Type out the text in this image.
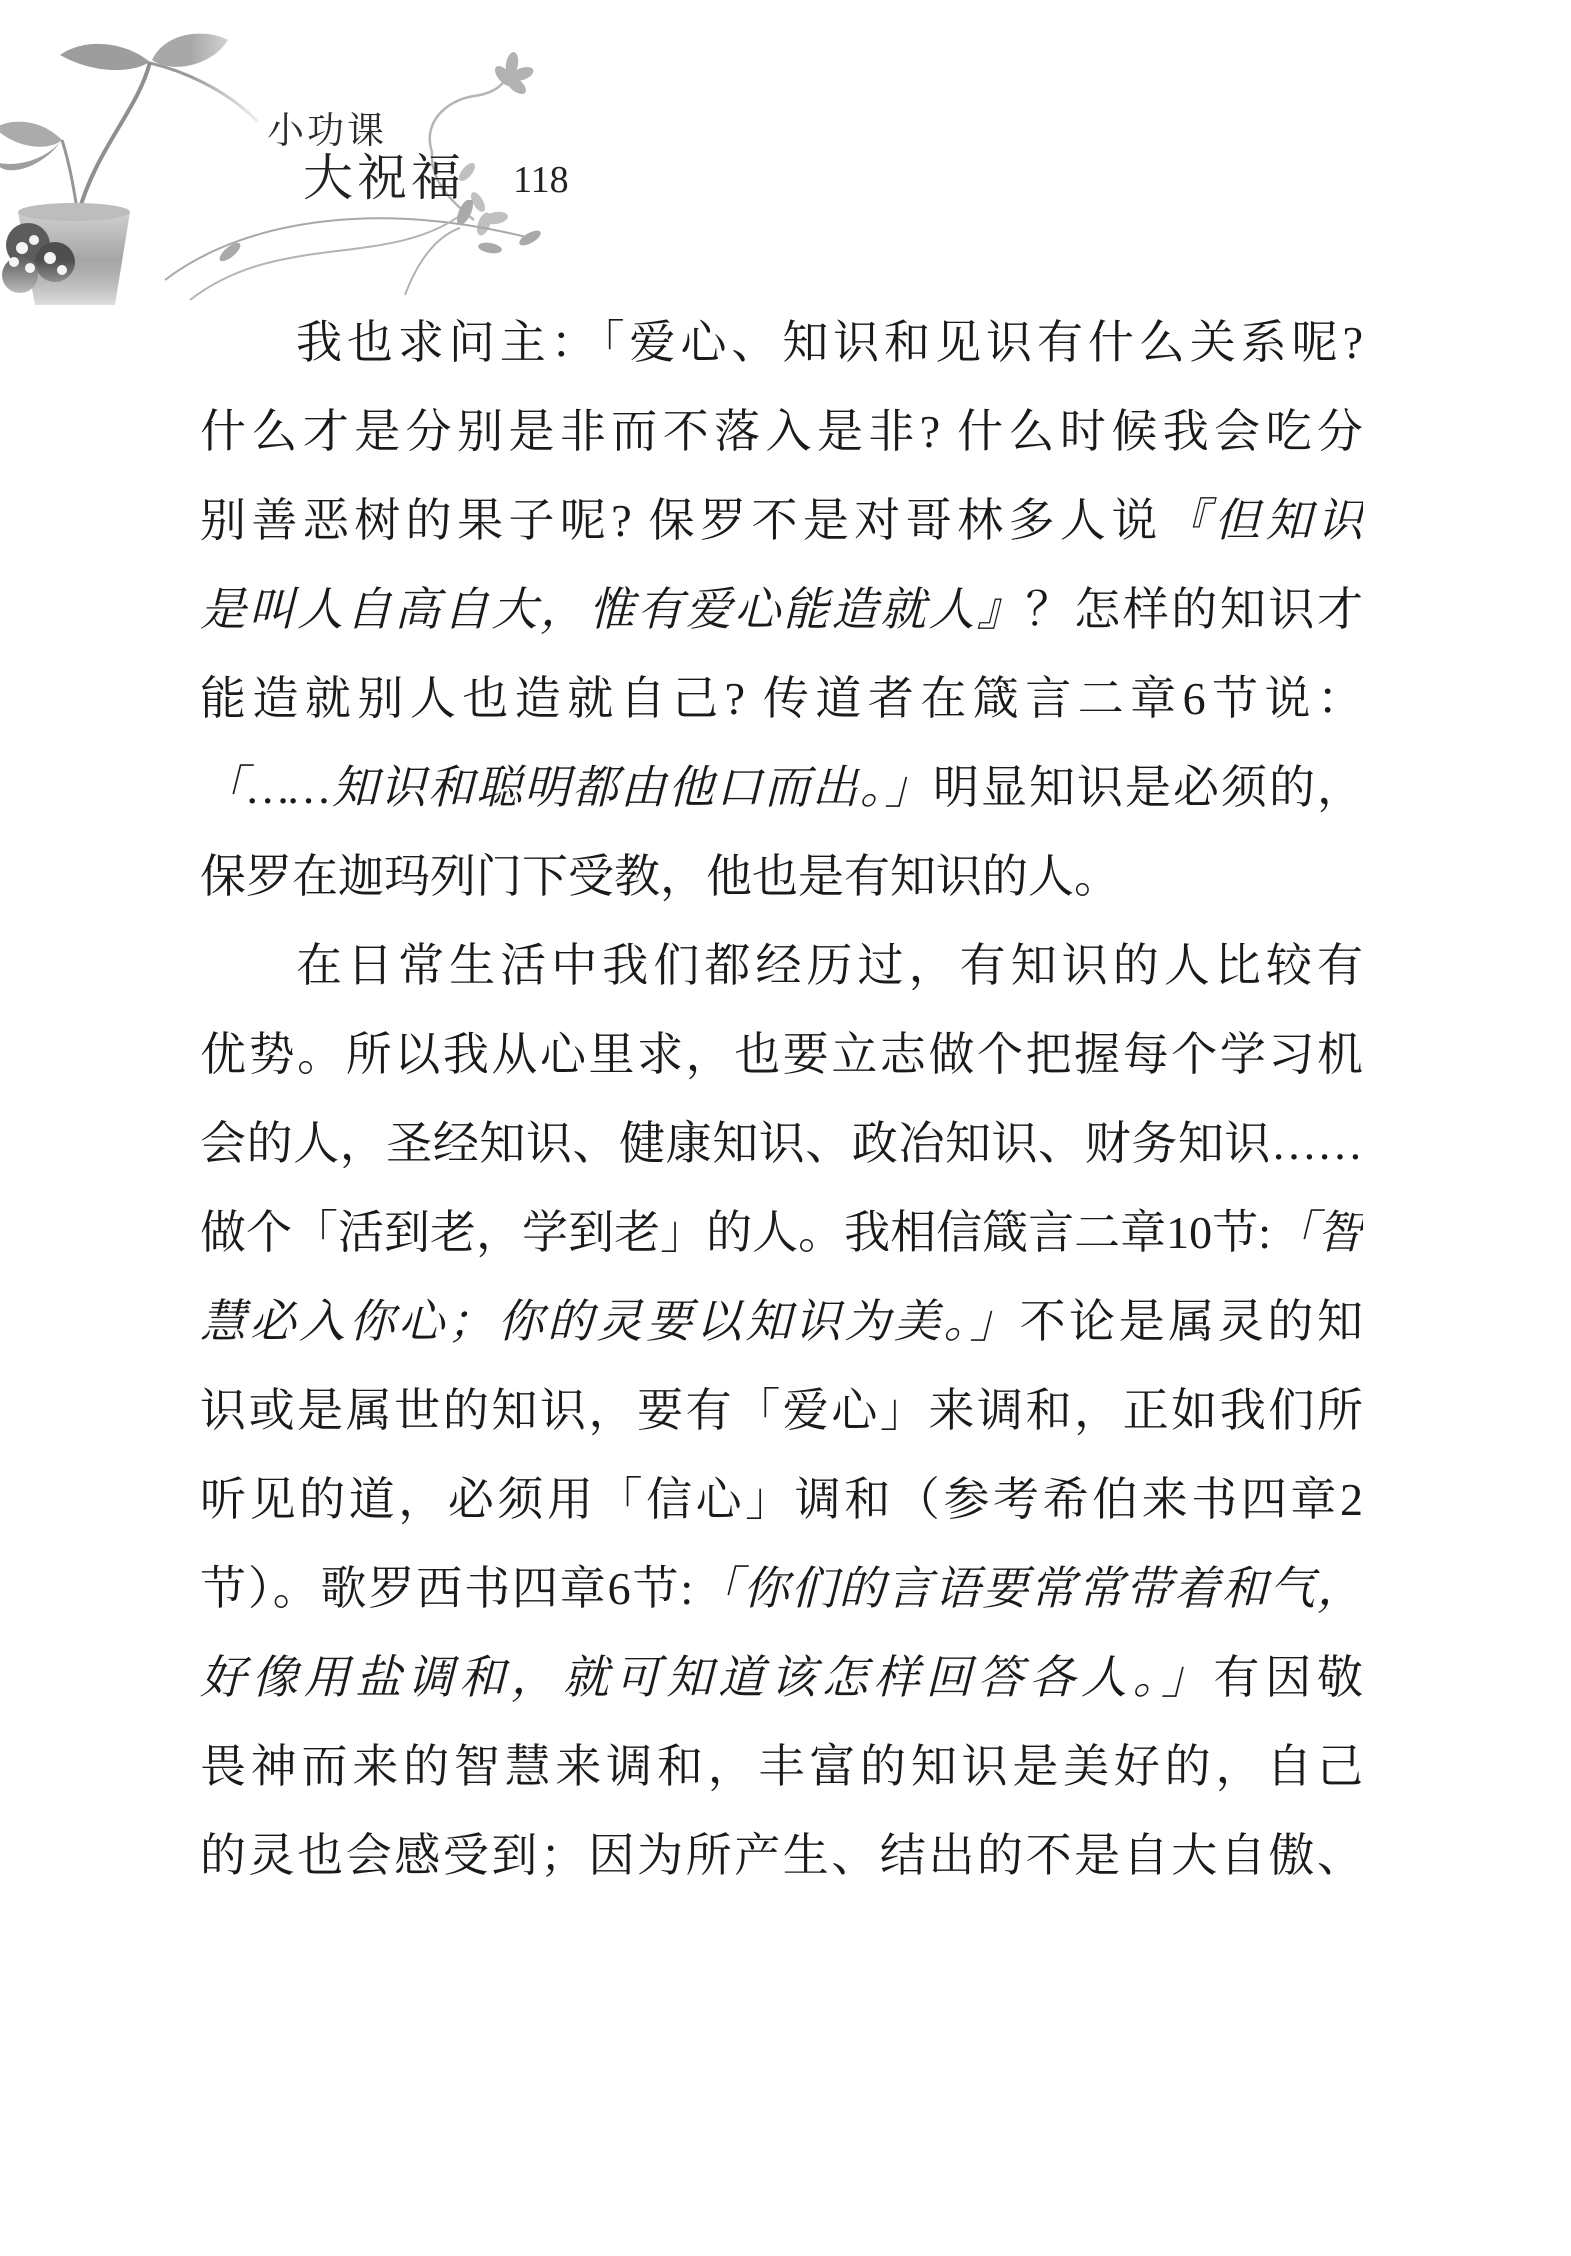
小功课
大祝福 118
我也求问主：「爱心、知识和见识有什么关系呢?
什么才是分别是非而不落入是非? 什么时候我会吃分
别善恶树的果子呢? 保罗不是对哥林多人说『但知识
是叫人自高自大，惟有爱心能造就人』？怎样的知识才
能造就别人也造就自己? 传道者在箴言二章6节说：
「……知识和聪明都由他口而出。」明显知识是必须的，
保罗在迦玛列门下受教，他也是有知识的人。
在日常生活中我们都经历过，有知识的人比较有
优势。所以我从心里求，也要立志做个把握每个学习机
会的人，圣经知识、健康知识、政冶知识、财务知识……
做个「活到老，学到老」的人。我相信箴言二章10节:「智
慧必入你心；你的灵要以知识为美。」不论是属灵的知
识或是属世的知识，要有「爱心」来调和，正如我们所
听见的道，必须用「信心」调和（参考希伯来书四章2
节）。歌罗西书四章6节:「你们的言语要常常带着和气，
好像用盐调和，就可知道该怎样回答各人。」有因敬
畏神而来的智慧来调和，丰富的知识是美好的，自己
的灵也会感受到；因为所产生、结出的不是自大自傲、
